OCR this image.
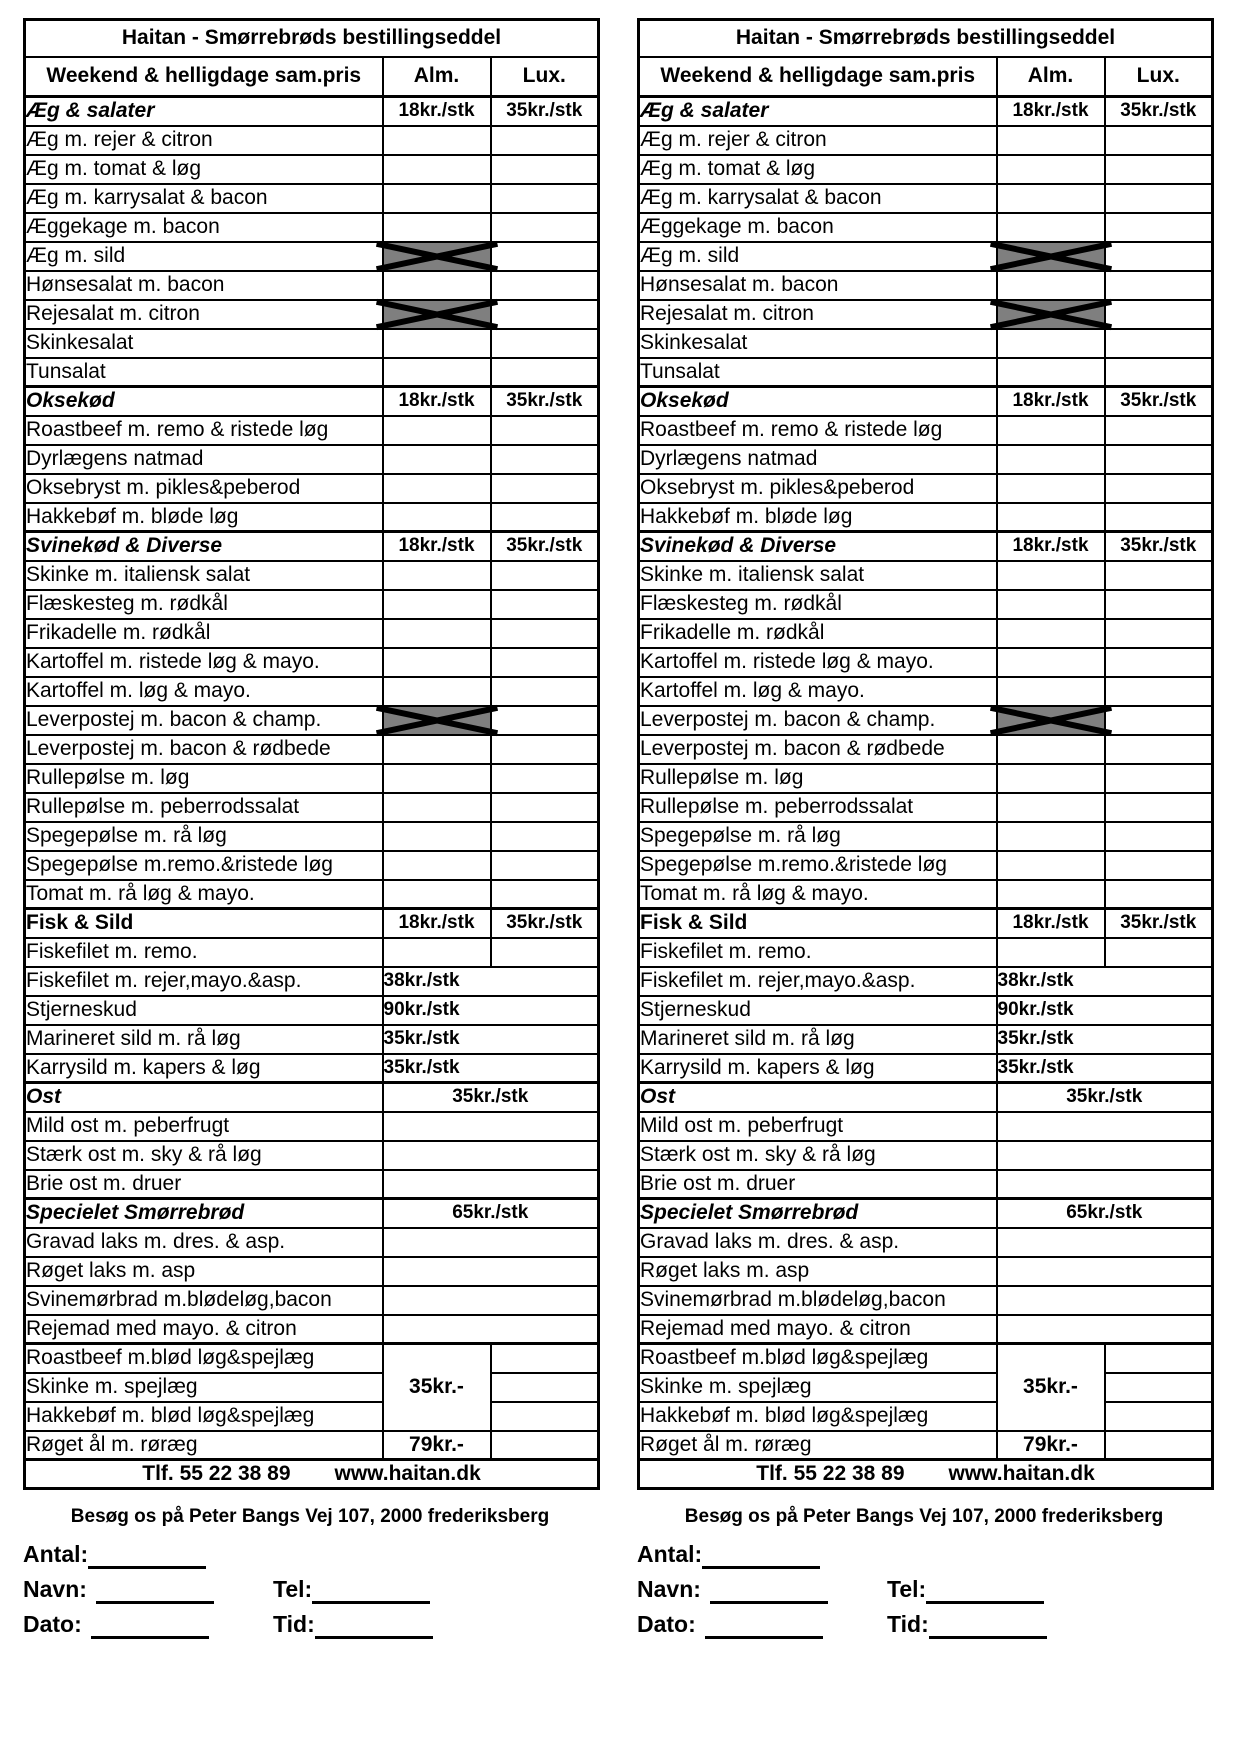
Haitan - Smørrebrøds bestillingseddel		
Weekend & helligdage sam.pris	Alm.	Lux.
Æg & salater	18kr./stk	35kr./stk
Æg m. rejer & citron		
Æg m. tomat & løg		
Æg m. karrysalat & bacon		
Æggekage m. bacon		
Æg m. sild	

Hønsesalat m. bacon		
Rejesalat m. citron	

Skinkesalat		
Tunsalat		
Oksekød	18kr./stk	35kr./stk
Roastbeef m. remo & ristede løg		
Dyrlægens natmad		
Oksebryst m. pikles&peberod		
Hakkebøf m. bløde løg		
Svinekød & Diverse	18kr./stk	35kr./stk
Skinke m. italiensk salat		
Flæskesteg m. rødkål		
Frikadelle m. rødkål		
Kartoffel m. ristede løg & mayo.		
Kartoffel m. løg & mayo.		
Leverpostej m. bacon & champ.	

Leverpostej m. bacon & rødbede		
Rullepølse m. løg		
Rullepølse m. peberrodssalat		
Spegepølse m. rå løg		
Spegepølse m.remo.&ristede løg		
Tomat m. rå løg & mayo.		
Fisk & Sild	18kr./stk	35kr./stk
Fiskefilet m. remo.		
Fiskefilet m. rejer,mayo.&asp.	38kr./stk	
Stjerneskud	90kr./stk	
Marineret sild m. rå løg	35kr./stk	
Karrysild m. kapers & løg	35kr./stk	
Ost	35kr./stk	
Mild ost m. peberfrugt		
Stærk ost m. sky & rå løg		
Brie ost m. druer		
Specielet Smørrebrød	65kr./stk	
Gravad laks m. dres. & asp.		
Røget laks m. asp		
Svinemørbrad m.blødeløg,bacon		
Rejemad med mayo. & citron		
Roastbeef m.blød løg&spejlæg	35kr.-	
Skinke m. spejlæg		
Hakkebøf m. blød løg&spejlæg		
Røget ål m. røræg	79kr.-	
Tlf. 55 22 38 89 www.haitan.dk		
Besøg os på Peter Bangs Vej 107, 2000 frederiksberg
Antal:
Navn:	Tel:
Dato:	Tid:
Haitan - Smørrebrøds bestillingseddel		
Weekend & helligdage sam.pris	Alm.	Lux.
Æg & salater	18kr./stk	35kr./stk
Æg m. rejer & citron		
Æg m. tomat & løg		
Æg m. karrysalat & bacon		
Æggekage m. bacon		
Æg m. sild	

Hønsesalat m. bacon		
Rejesalat m. citron	

Skinkesalat		
Tunsalat		
Oksekød	18kr./stk	35kr./stk
Roastbeef m. remo & ristede løg		
Dyrlægens natmad		
Oksebryst m. pikles&peberod		
Hakkebøf m. bløde løg		
Svinekød & Diverse	18kr./stk	35kr./stk
Skinke m. italiensk salat		
Flæskesteg m. rødkål		
Frikadelle m. rødkål		
Kartoffel m. ristede løg & mayo.		
Kartoffel m. løg & mayo.		
Leverpostej m. bacon & champ.	

Leverpostej m. bacon & rødbede		
Rullepølse m. løg		
Rullepølse m. peberrodssalat		
Spegepølse m. rå løg		
Spegepølse m.remo.&ristede løg		
Tomat m. rå løg & mayo.		
Fisk & Sild	18kr./stk	35kr./stk
Fiskefilet m. remo.		
Fiskefilet m. rejer,mayo.&asp.	38kr./stk	
Stjerneskud	90kr./stk	
Marineret sild m. rå løg	35kr./stk	
Karrysild m. kapers & løg	35kr./stk	
Ost	35kr./stk	
Mild ost m. peberfrugt		
Stærk ost m. sky & rå løg		
Brie ost m. druer		
Specielet Smørrebrød	65kr./stk	
Gravad laks m. dres. & asp.		
Røget laks m. asp		
Svinemørbrad m.blødeløg,bacon		
Rejemad med mayo. & citron		
Roastbeef m.blød løg&spejlæg	35kr.-	
Skinke m. spejlæg		
Hakkebøf m. blød løg&spejlæg		
Røget ål m. røræg	79kr.-	
Tlf. 55 22 38 89 www.haitan.dk		
Besøg os på Peter Bangs Vej 107, 2000 frederiksberg
Antal:
Navn:	Tel:
Dato:	Tid:
